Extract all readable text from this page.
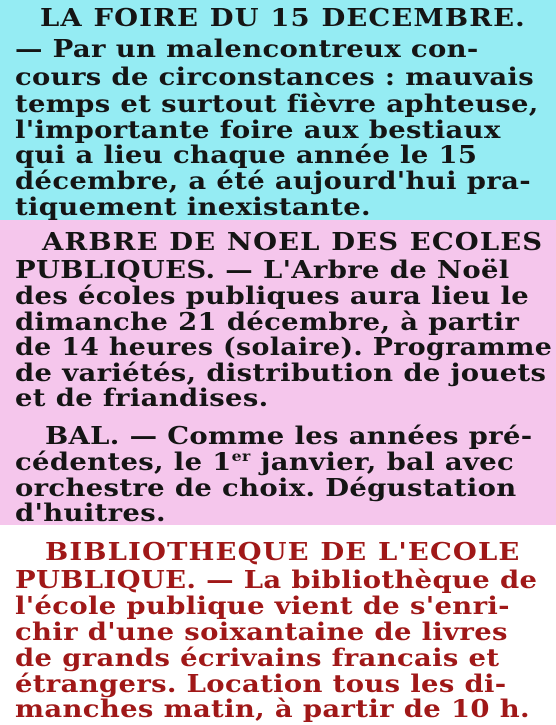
LA FOIRE DU 15 DECEMBRE.
— Par un malencontreux con-
cours de circonstances : mauvais
temps et surtout fièvre aphteuse,
l'importante foire aux bestiaux
qui a lieu chaque année le 15
décembre, a été aujourd'hui pra-
tiquement inexistante.
ARBRE DE NOEL DES ECOLES
PUBLIQUES. — L'Arbre de Noël
des écoles publiques aura lieu le
dimanche 21 décembre, à partir
de 14 heures (solaire). Programme
de variétés, distribution de jouets
et de friandises.
BAL. — Comme les années pré-
cédentes, le 1er janvier, bal avec
orchestre de choix. Dégustation
d'huitres.
BIBLIOTHEQUE DE L'ECOLE
PUBLIQUE. — La bibliothèque de
l'école publique vient de s'enri-
chir d'une soixantaine de livres
de grands écrivains francais et
étrangers. Location tous les di-
manches matin, à partir de 10 h.
